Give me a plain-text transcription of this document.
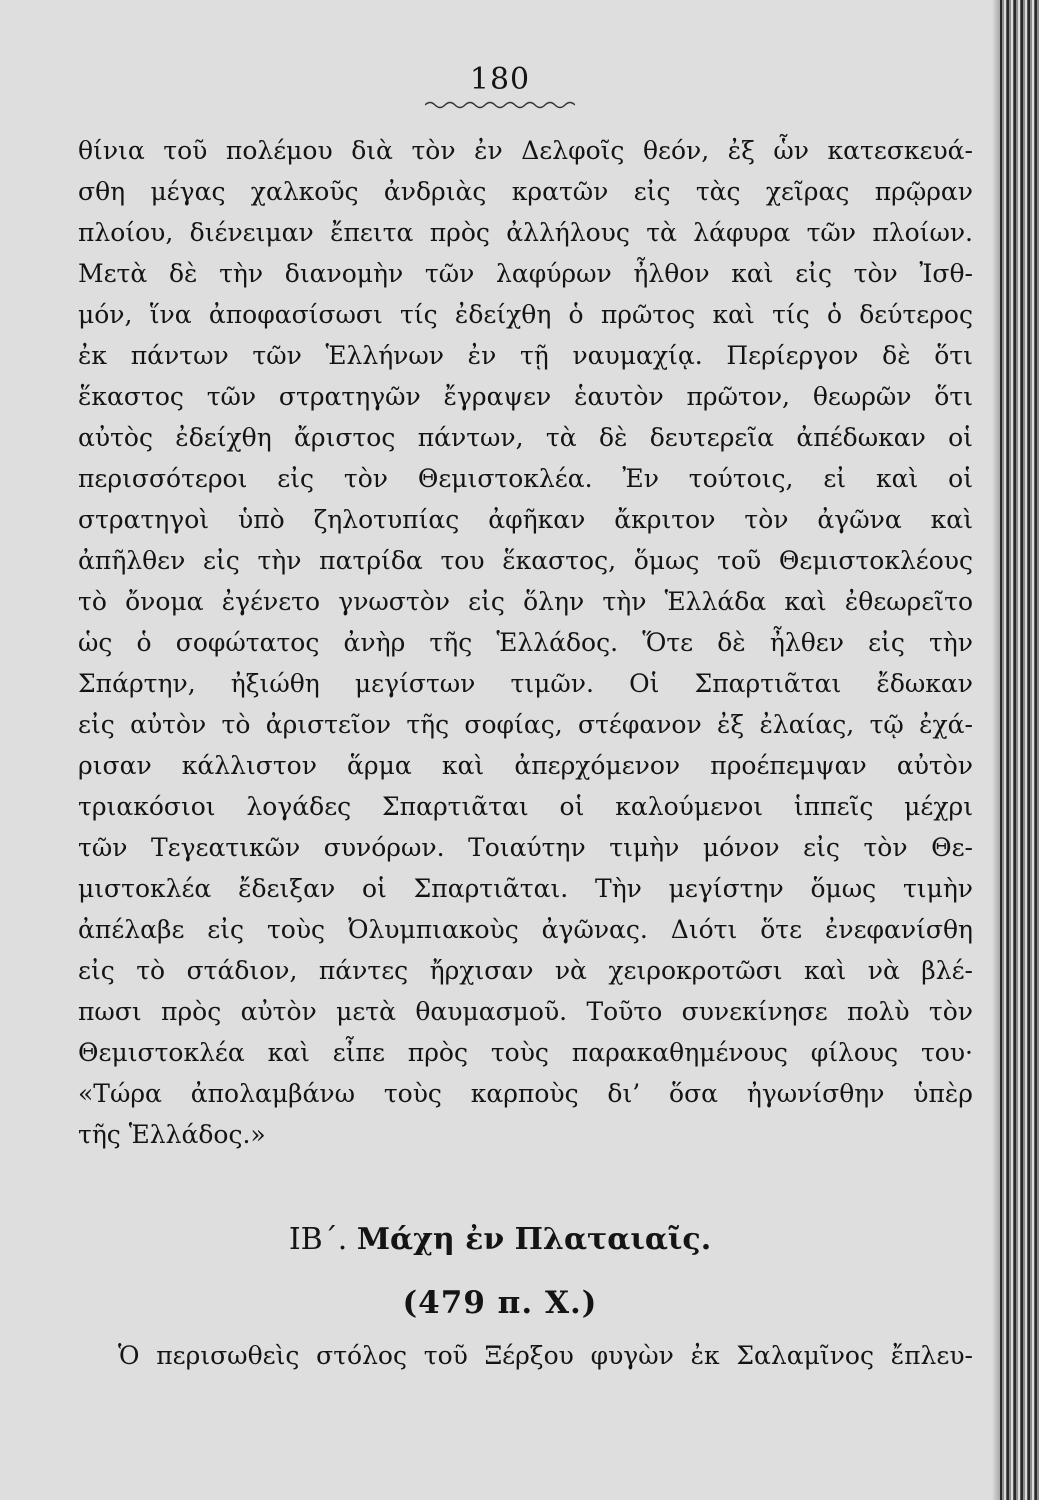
180
θίνια τοῦ πολέμου διὰ τὸν ἐν Δελφοῖς θεόν, ἐξ ὧν κατεσκευά-
σθη μέγας χαλκοῦς ἀνδριὰς κρατῶν εἰς τὰς χεῖρας πρῷραν
πλοίου, διένειμαν ἔπειτα πρὸς ἀλλήλους τὰ λάφυρα τῶν πλοίων.
Μετὰ δὲ τὴν διανομὴν τῶν λαφύρων ἦλθον καὶ εἰς τὸν Ἰσθ-
μόν, ἵνα ἀποφασίσωσι τίς ἐδείχθη ὁ πρῶτος καὶ τίς ὁ δεύτερος
ἐκ πάντων τῶν Ἑλλήνων ἐν τῇ ναυμαχίᾳ. Περίεργον δὲ ὅτι
ἕκαστος τῶν στρατηγῶν ἔγραψεν ἑαυτὸν πρῶτον, θεωρῶν ὅτι
αὐτὸς ἐδείχθη ἄριστος πάντων, τὰ δὲ δευτερεῖα ἀπέδωκαν οἱ
περισσότεροι εἰς τὸν Θεμιστοκλέα. Ἐν τούτοις, εἰ καὶ οἱ
στρατηγοὶ ὑπὸ ζηλοτυπίας ἀφῆκαν ἄκριτον τὸν ἀγῶνα καὶ
ἀπῆλθεν εἰς τὴν πατρίδα του ἕκαστος, ὅμως τοῦ Θεμιστοκλέους
τὸ ὄνομα ἐγένετο γνωστὸν εἰς ὅλην τὴν Ἑλλάδα καὶ ἐθεωρεῖτο
ὡς ὁ σοφώτατος ἀνὴρ τῆς Ἑλλάδος. Ὅτε δὲ ἦλθεν εἰς τὴν
Σπάρτην, ἠξιώθη μεγίστων τιμῶν. Οἱ Σπαρτιᾶται ἔδωκαν
εἰς αὐτὸν τὸ ἀριστεῖον τῆς σοφίας, στέφανον ἐξ ἐλαίας, τῷ ἐχά-
ρισαν κάλλιστον ἅρμα καὶ ἀπερχόμενον προέπεμψαν αὐτὸν
τριακόσιοι λογάδες Σπαρτιᾶται οἱ καλούμενοι ἱππεῖς μέχρι
τῶν Τεγεατικῶν συνόρων. Τοιαύτην τιμὴν μόνον εἰς τὸν Θε-
μιστοκλέα ἔδειξαν οἱ Σπαρτιᾶται. Τὴν μεγίστην ὅμως τιμὴν
ἀπέλαβε εἰς τοὺς Ὀλυμπιακοὺς ἀγῶνας. Διότι ὅτε ἐνεφανίσθη
εἰς τὸ στάδιον, πάντες ἤρχισαν νὰ χειροκροτῶσι καὶ νὰ βλέ-
πωσι πρὸς αὐτὸν μετὰ θαυμασμοῦ. Τοῦτο συνεκίνησε πολὺ τὸν
Θεμιστοκλέα καὶ εἶπε πρὸς τοὺς παρακαθημένους φίλους του·
«Τώρα ἀπολαμβάνω τοὺς καρποὺς δι’ ὅσα ἠγωνίσθην ὑπὲρ
τῆς Ἑλλάδος.»
ΙΒ΄. Μάχη ἐν Πλαταιαῖς.
(479 π. Χ.)
Ὁ περισωθεὶς στόλος τοῦ Ξέρξου φυγὼν ἐκ Σαλαμῖνος ἔπλευ-
